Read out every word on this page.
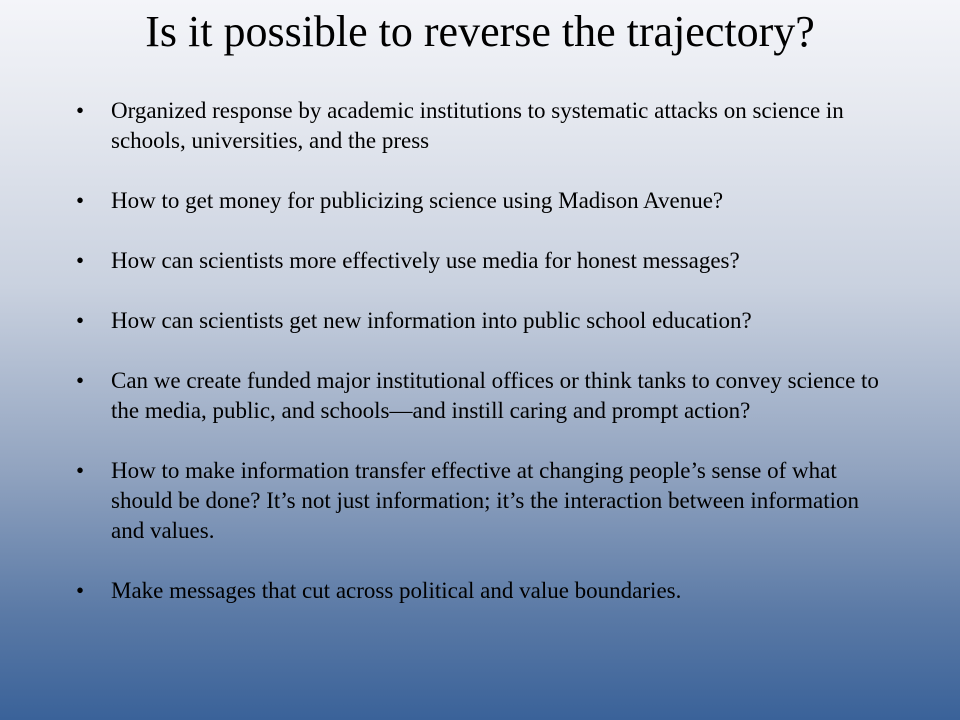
Is it possible to reverse the trajectory?
•	Organized response by academic institutions to systematic attacks on science in schools, universities, and the press
•	How to get money for publicizing science using Madison Avenue?
•	How can scientists more effectively use media for honest messages?
•	How can scientists get new information into public school education?
•	Can we create funded major institutional offices or think tanks to convey science to the media, public, and schools—and instill caring and prompt action?
•	How to make information transfer effective at changing people’s sense of what should be done? It’s not just information; it’s the interaction between information and values.
•	Make messages that cut across political and value boundaries.
